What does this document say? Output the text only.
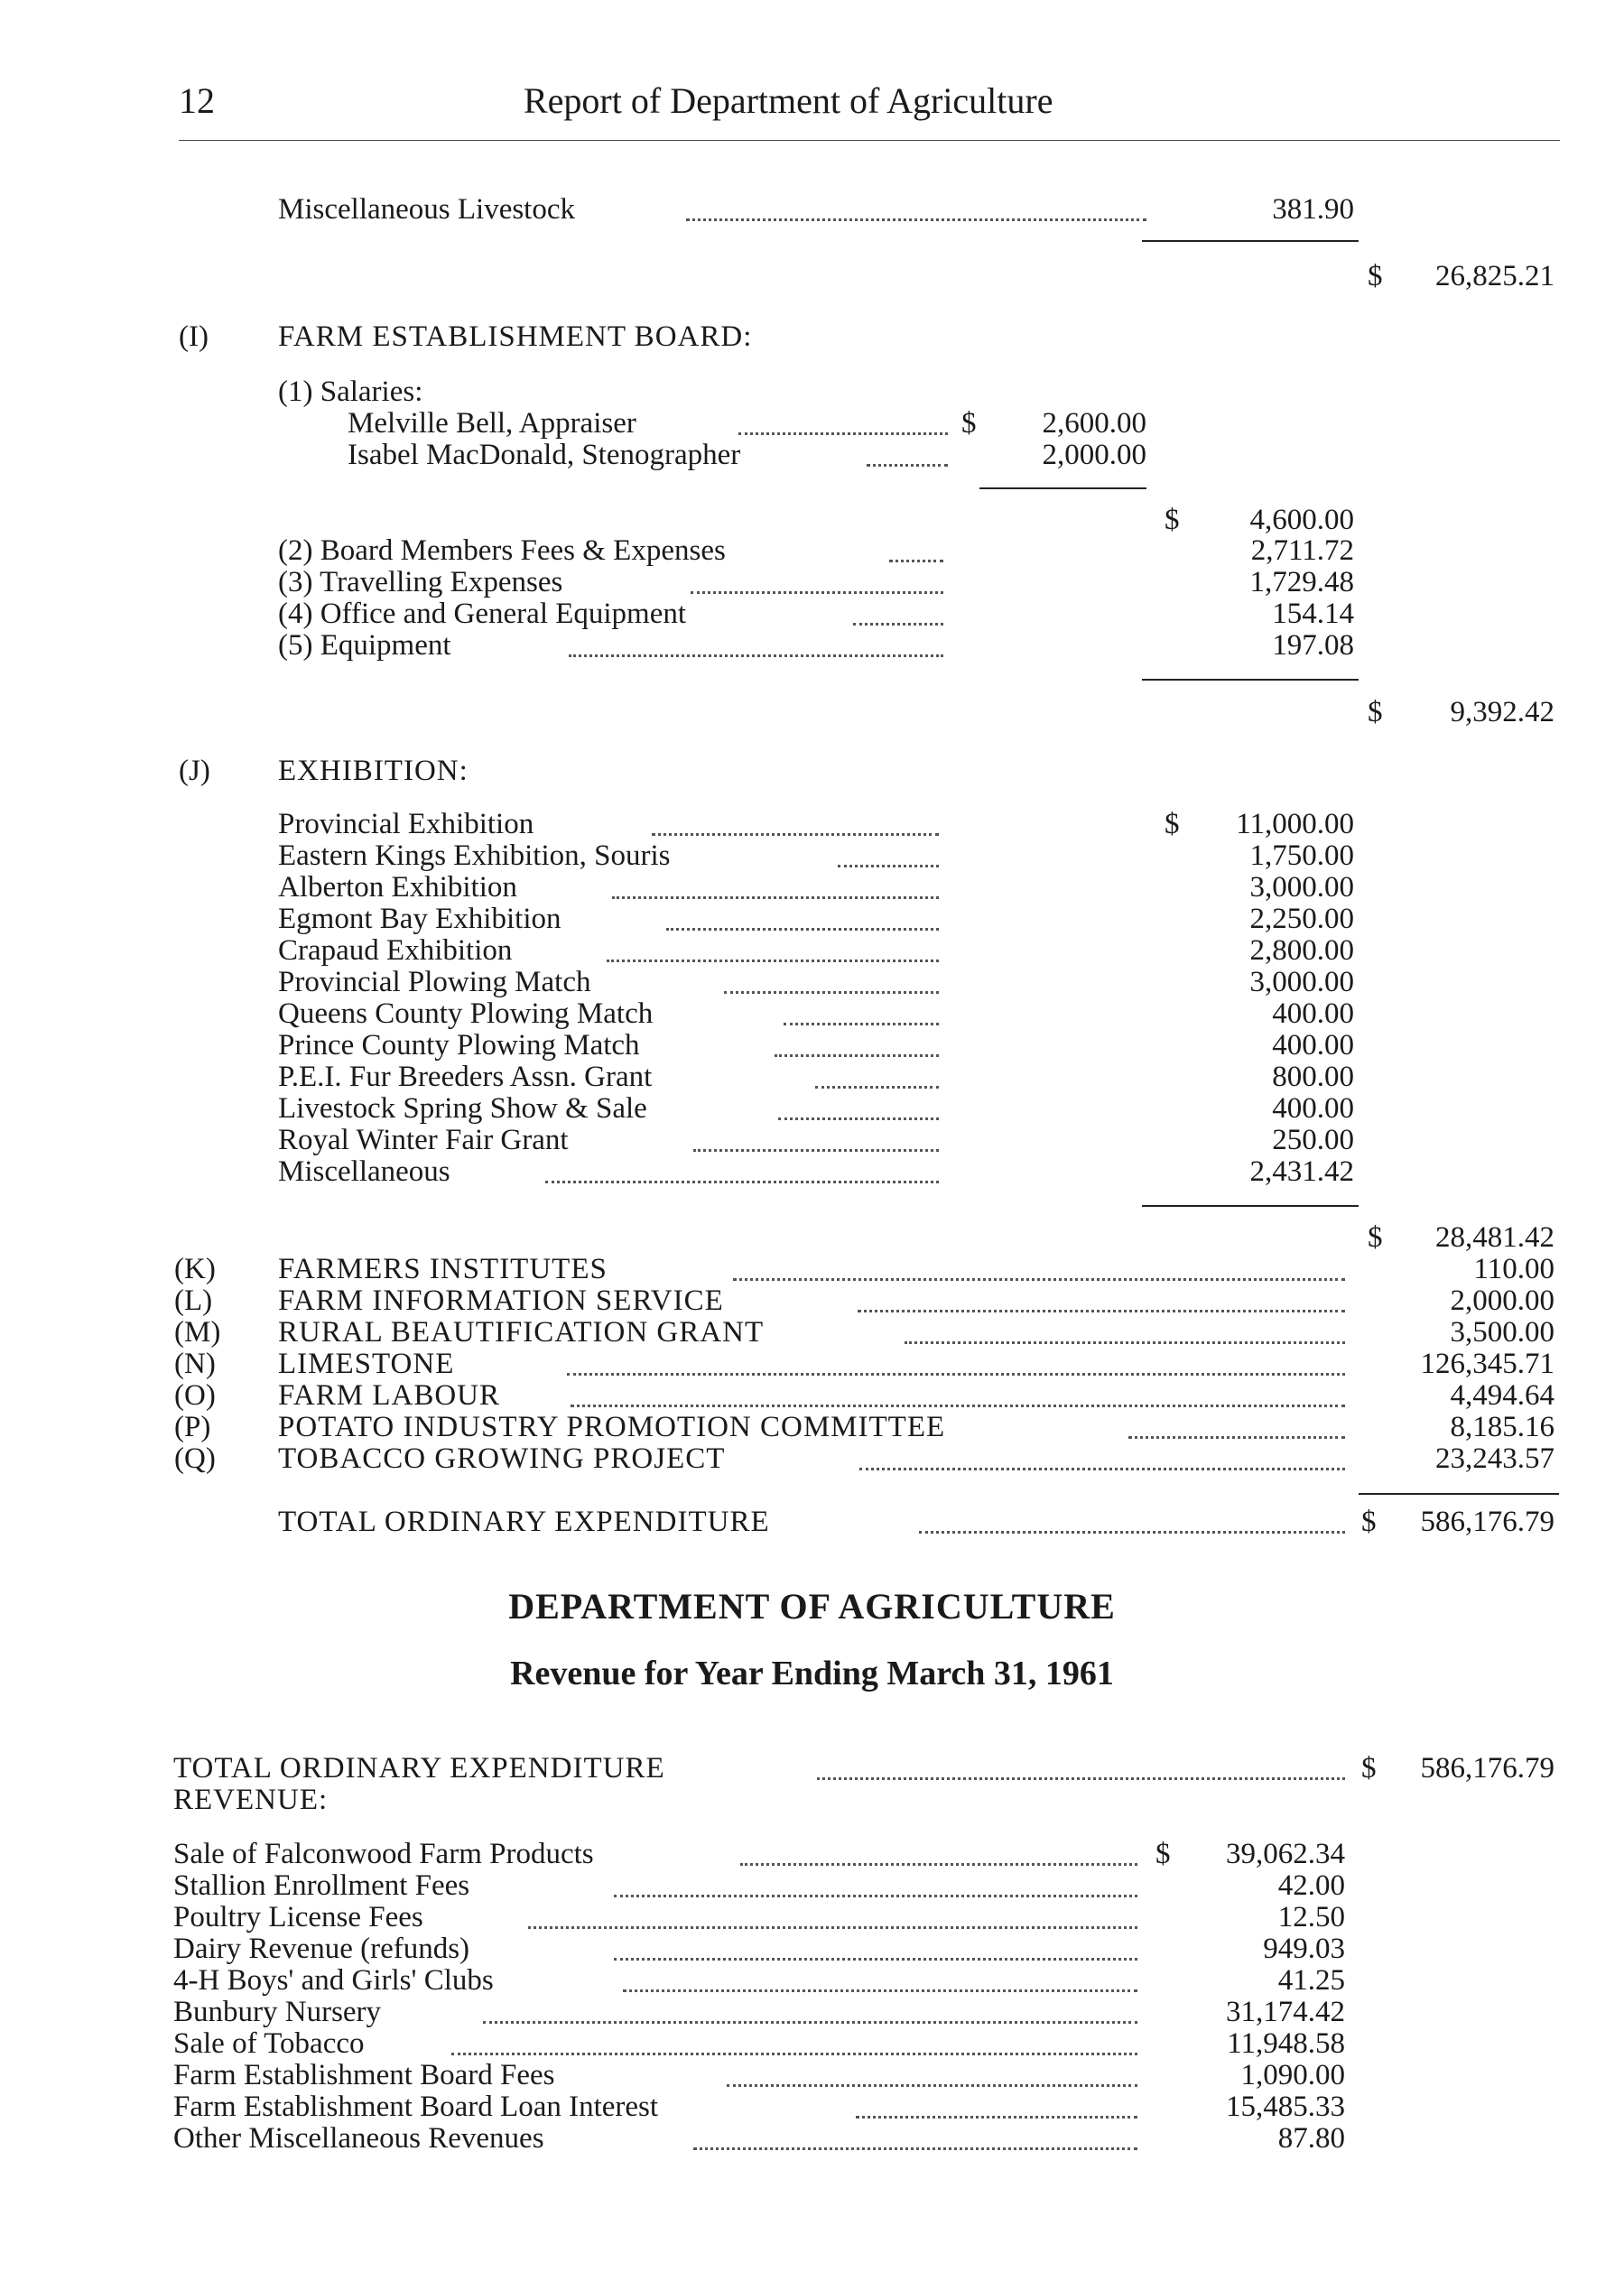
12	Report of Department of Agriculture
Miscellaneous Livestock	381.90
$	26,825.21
(I) FARM ESTABLISHMENT BOARD:
(1) Salaries:
Melville Bell, Appraiser	$	2,600.00
Isabel MacDonald, Stenographer	2,000.00
$	4,600.00
(2) Board Members Fees & Expenses	2,711.72
(3) Travelling Expenses	1,729.48
(4) Office and General Equipment	154.14
(5) Equipment	197.08
$	9,392.42
(J) EXHIBITION:
$
Provincial Exhibition	11,000.00
Eastern Kings Exhibition, Souris	1,750.00
Alberton Exhibition	3,000.00
Egmont Bay Exhibition	2,250.00
Crapaud Exhibition	2,800.00
Provincial Plowing Match	3,000.00
Queens County Plowing Match	400.00
Prince County Plowing Match	400.00
P.E.I. Fur Breeders Assn. Grant	800.00
Livestock Spring Show & Sale	400.00
Royal Winter Fair Grant	250.00
Miscellaneous	2,431.42
$	28,481.42
(K) FARMERS INSTITUTES	110.00
(L) FARM INFORMATION SERVICE	2,000.00
(M) RURAL BEAUTIFICATION GRANT	3,500.00
(N) LIMESTONE	126,345.71
(O) FARM LABOUR	4,494.64
(P) POTATO INDUSTRY PROMOTION COMMITTEE	8,185.16
(Q) TOBACCO GROWING PROJECT	23,243.57
TOTAL ORDINARY EXPENDITURE	$	586,176.79
DEPARTMENT OF AGRICULTURE
Revenue for Year Ending March 31, 1961
TOTAL ORDINARY EXPENDITURE	$	586,176.79
REVENUE:
$
Sale of Falconwood Farm Products	39,062.34
Stallion Enrollment Fees	42.00
Poultry License Fees	12.50
Dairy Revenue (refunds)	949.03
4-H Boys' and Girls' Clubs	41.25
Bunbury Nursery	31,174.42
Sale of Tobacco	11,948.58
Farm Establishment Board Fees	1,090.00
Farm Establishment Board Loan Interest	15,485.33
Other Miscellaneous Revenues	87.80
